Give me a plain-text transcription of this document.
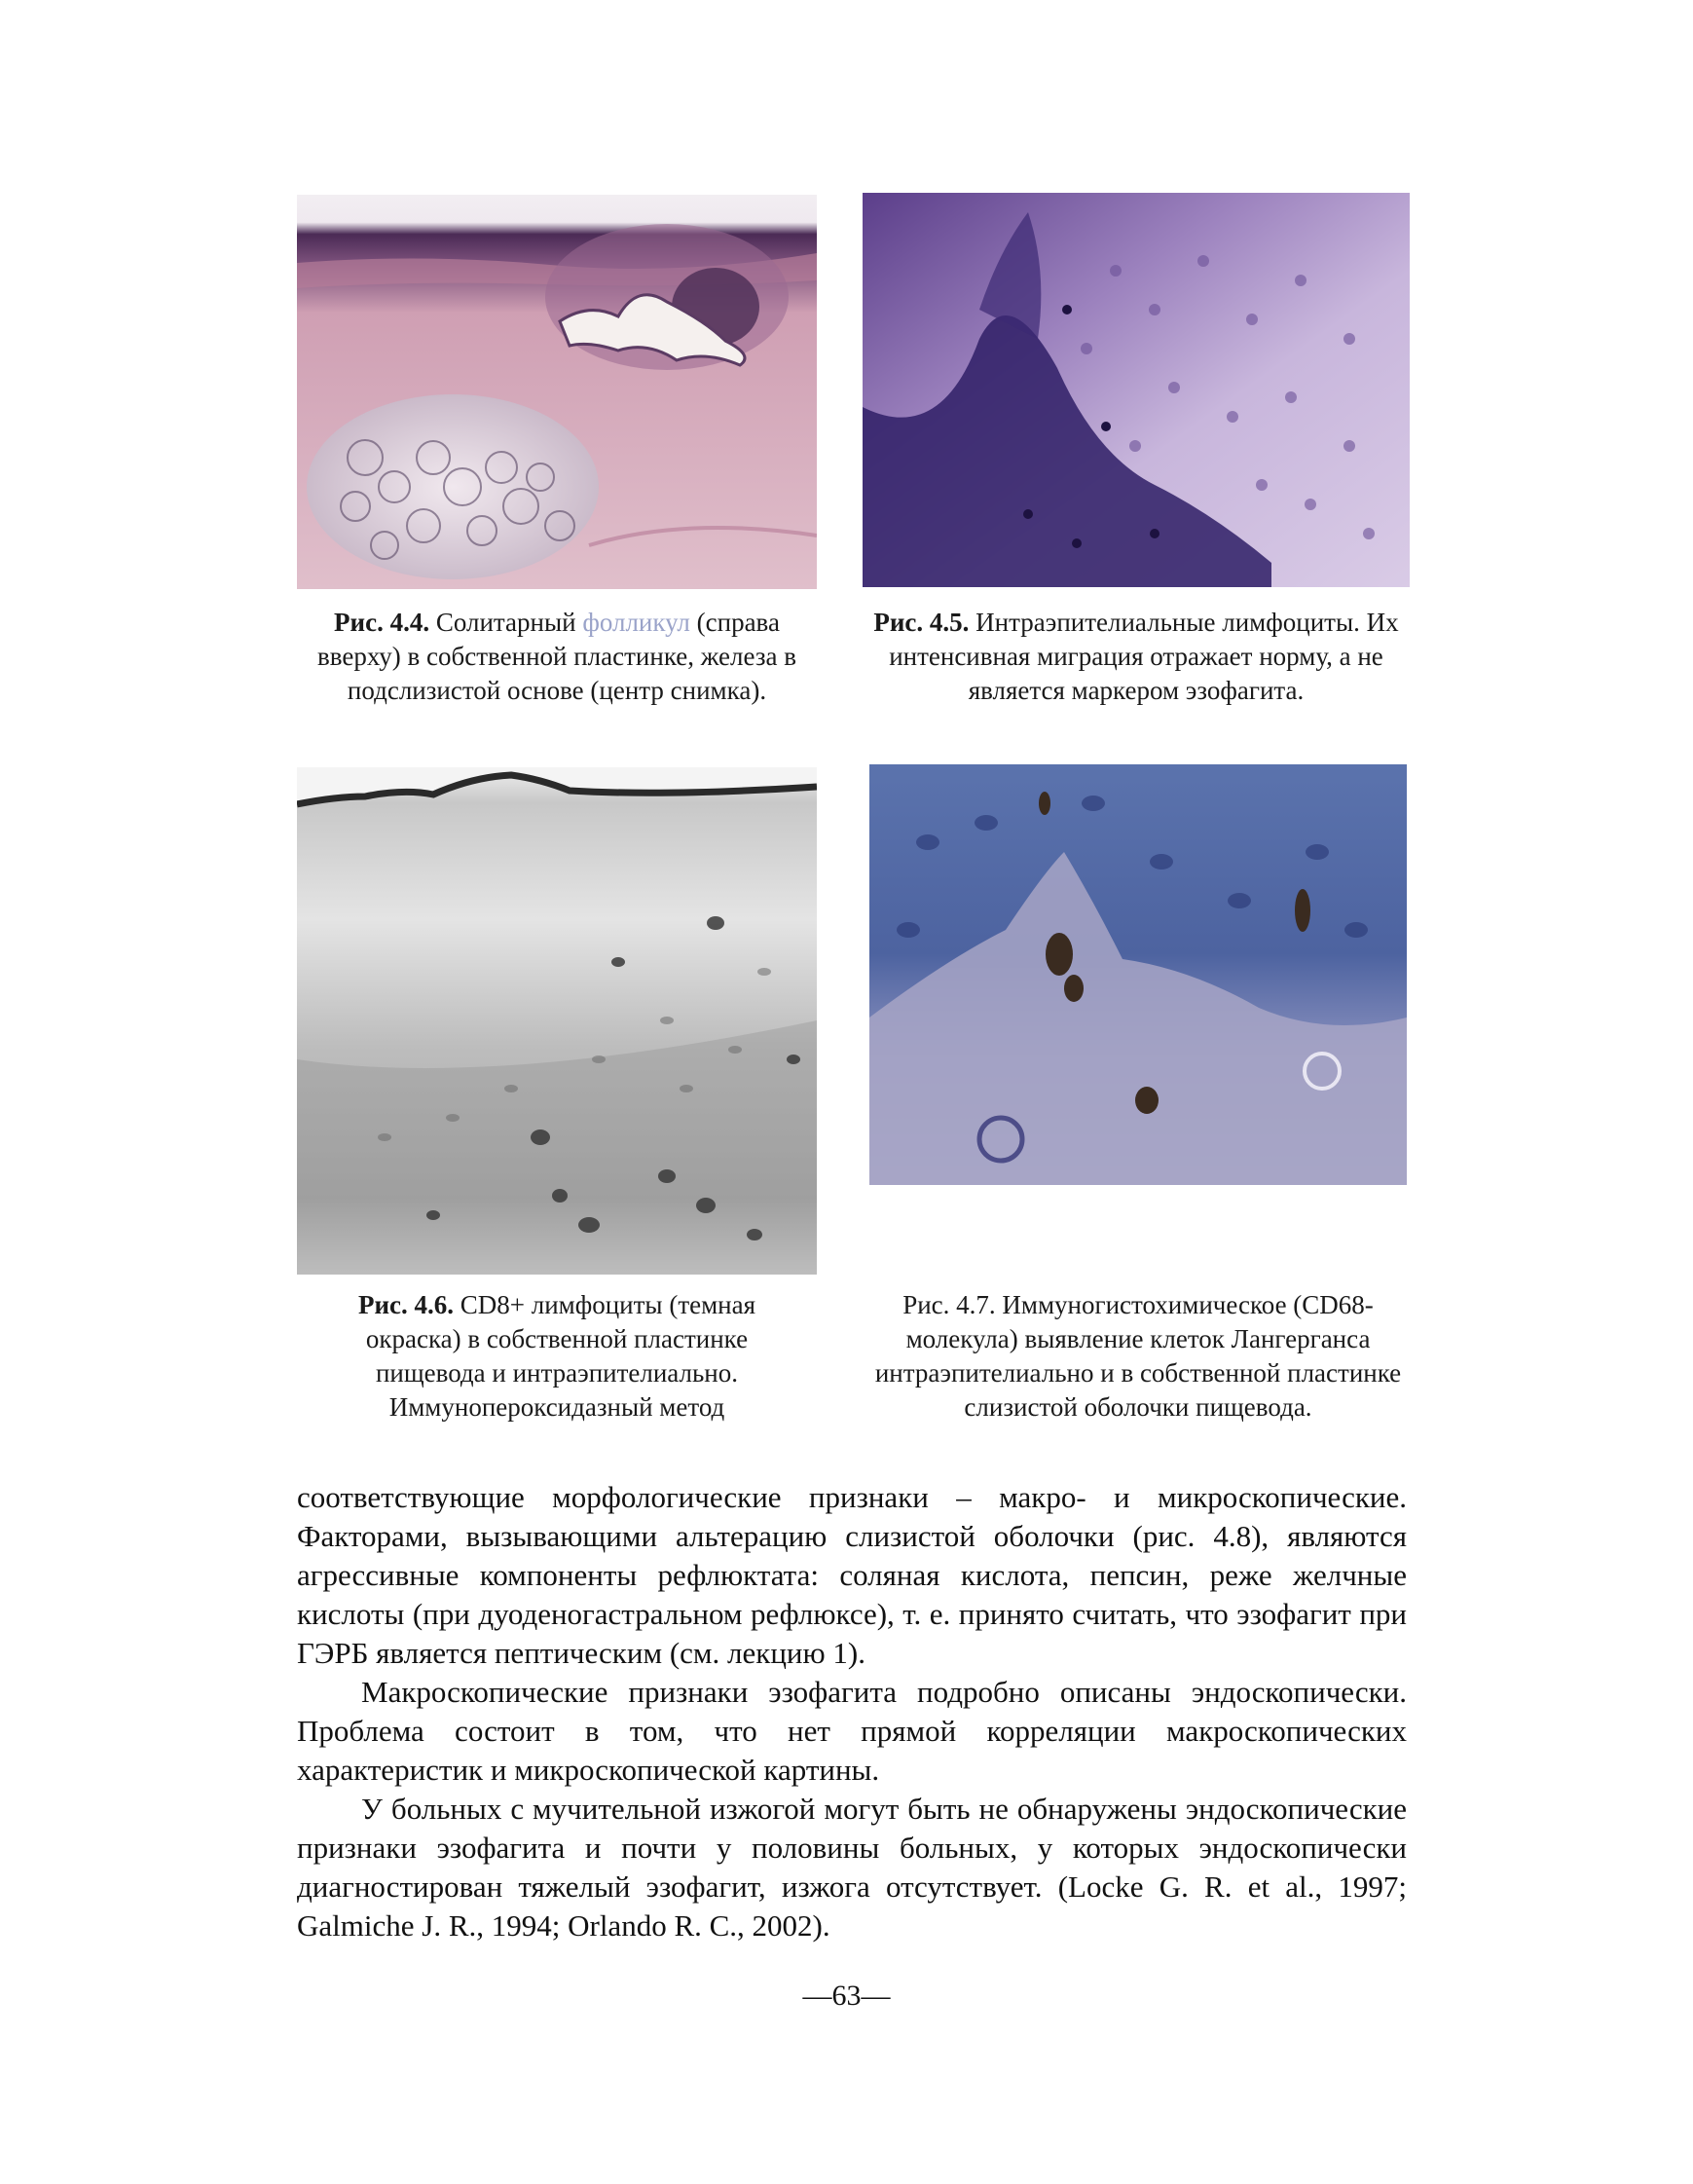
Рис. 4.4. Солитарный фолликул (справа вверху) в собственной пластинке, железа в подслизистой основе (центр снимка).
Рис. 4.5. Интраэпителиальные лимфоциты. Их интенсивная миграция отражает норму, а не является маркером эзофагита.
Рис. 4.6. CD8+ лимфоциты (темная окраска) в собственной пластинке пищевода и интраэпителиально. Иммунопероксидазный метод
Рис. 4.7. Иммуногистохимическое (CD68-молекула) выявление клеток Лангерганса интраэпителиально и в собственной пластинке слизистой оболочки пищевода.

соответствующие морфологические признаки – макро- и микроскопические. Факторами, вызывающими альтерацию слизистой оболочки (рис. 4.8), являются агрессивные компоненты рефлюктата: соляная кислота, пепсин, реже желчные кислоты (при дуоденогастральном рефлюксе), т. е. принято считать, что эзофагит при ГЭРБ является пептическим (см. лекцию 1).

Макроскопические признаки эзофагита подробно описаны эндоскопически. Проблема состоит в том, что нет прямой корреляции макроскопических характеристик и микроскопической картины.

У больных с мучительной изжогой могут быть не обнаружены эндоскопические признаки эзофагита и почти у половины больных, у которых эндоскопически диагностирован тяжелый эзофагит, изжога отсутствует. (Locke G. R. et al., 1997; Galmiche J. R., 1994; Orlando R. C., 2002).

—63—
